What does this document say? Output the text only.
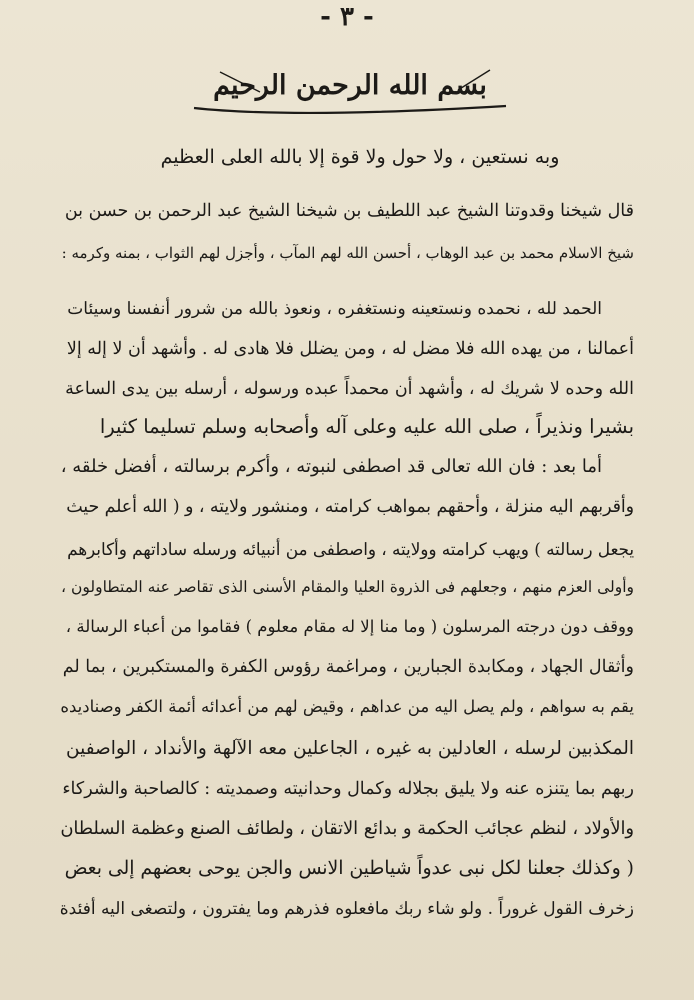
- ٣ -
بسم الله الرحمن الرحيم
وبه نستعين ، ولا حول ولا قوة إلا بالله العلى العظيم

قال شيخنا وقدوتنا الشيخ عبد اللطيف بن شيخنا الشيخ عبد الرحمن بن حسن بن

شيخ الاسلام محمد بن عبد الوهاب ، أحسن الله لهم المآب ، وأجزل لهم الثواب ، بمنه وكرمه :

الحمد لله ، نحمده ونستعينه ونستغفره ، ونعوذ بالله من شرور أنفسنا وسيئات

أعمالنا ، من يهده الله فلا مضل له ، ومن يضلل فلا هادى له . وأشهد أن لا إله إلا

الله وحده لا شريك له ، وأشهد أن محمداً عبده ورسوله ، أرسله بين يدى الساعة

بشيرا ونذيراً ، صلى الله عليه وعلى آله وأصحابه وسلم تسليما كثيرا

أما بعد : فان الله تعالى قد اصطفى لنبوته ، وأكرم برسالته ، أفضل خلقه ،

وأقربهم اليه منزلة ، وأحقهم بمواهب كرامته ، ومنشور ولايته ، و ( الله أعلم حيث

يجعل رسالته ) ويهب كرامته وولايته ، واصطفى من أنبيائه ورسله ساداتهم وأكابرهم

وأولى العزم منهم ، وجعلهم فى الذروة العليا والمقام الأسنى الذى تقاصر عنه المتطاولون ،

ووقف دون درجته المرسلون ( وما منا إلا له مقام معلوم ) فقاموا من أعباء الرسالة ،

وأثقال الجهاد ، ومكابدة الجبارين ، ومراغمة رؤوس الكفرة والمستكبرين ، بما لم

يقم به سواهم ، ولم يصل اليه من عداهم ، وقيض لهم من أعدائه أئمة الكفر وصناديده

المكذبين لرسله ، العادلين به غيره ، الجاعلين معه الآلهة والأنداد ، الواصفين

ربهم بما يتنزه عنه ولا يليق بجلاله وكمال وحدانيته وصمديته : كالصاحبة والشركاء

والأولاد ، لنظم عجائب الحكمة و بدائع الاتقان ، ولطائف الصنع وعظمة السلطان

( وكذلك جعلنا لكل نبى عدواً شياطين الانس والجن يوحى بعضهم إلى بعض

زخرف القول غروراً . ولو شاء ربك مافعلوه فذرهم وما يفترون ، ولتصغى اليه أفئدة
